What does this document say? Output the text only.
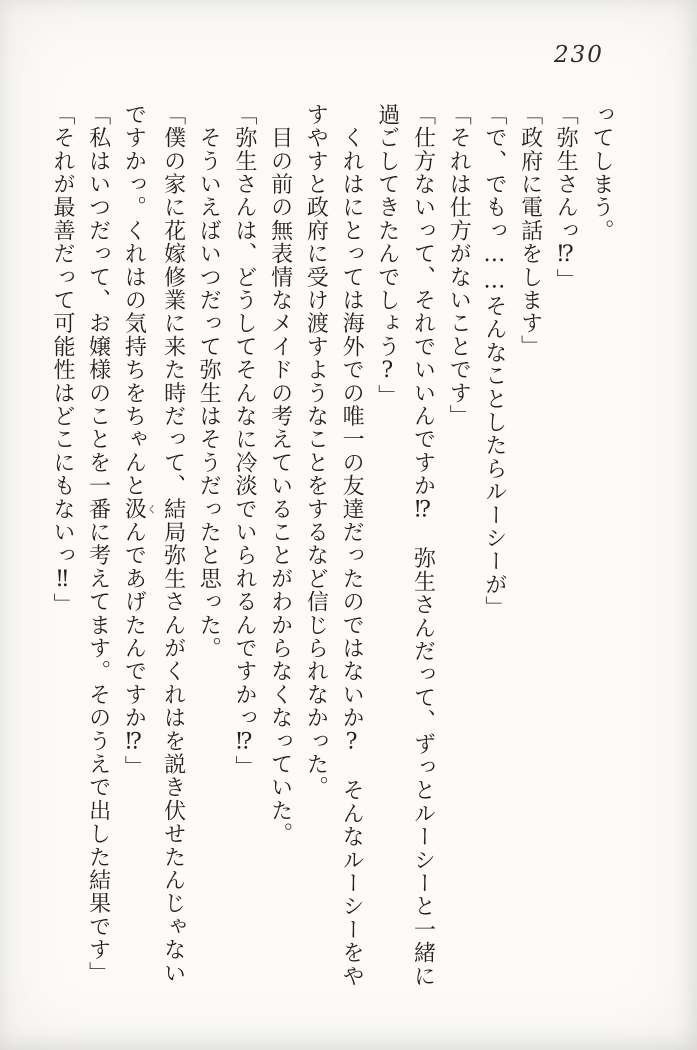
230
ってしまう。
「弥生さんっ⁉」
「政府に電話をします」
「で、でもっ……そんなことしたらルーシーが」
「それは仕方がないことです」
「仕方ないって、それでいいんですか⁉　弥生さんだって、ずっとルーシーと一緒に
過ごしてきたんでしょう?」
　くれはにとっては海外での唯一の友達だったのではないか?　そんなルーシーをや
すやすと政府に受け渡すようなことをするなど信じられなかった。
　目の前の無表情なメイドの考えていることがわからなくなっていた。
「弥生さんは、どうしてそんなに冷淡でいられるんですかっ⁉」
　そういえばいつだって弥生はそうだったと思った。
「僕の家に花嫁修業に来た時だって、結局弥生さんがくれはを説き伏せたんじゃない
ですかっ。くれはの気持ちをちゃんと汲くんであげたんですか⁉」
「私はいつだって、お嬢様のことを一番に考えてます。そのうえで出した結果です」
「それが最善だって可能性はどこにもないっ‼」
